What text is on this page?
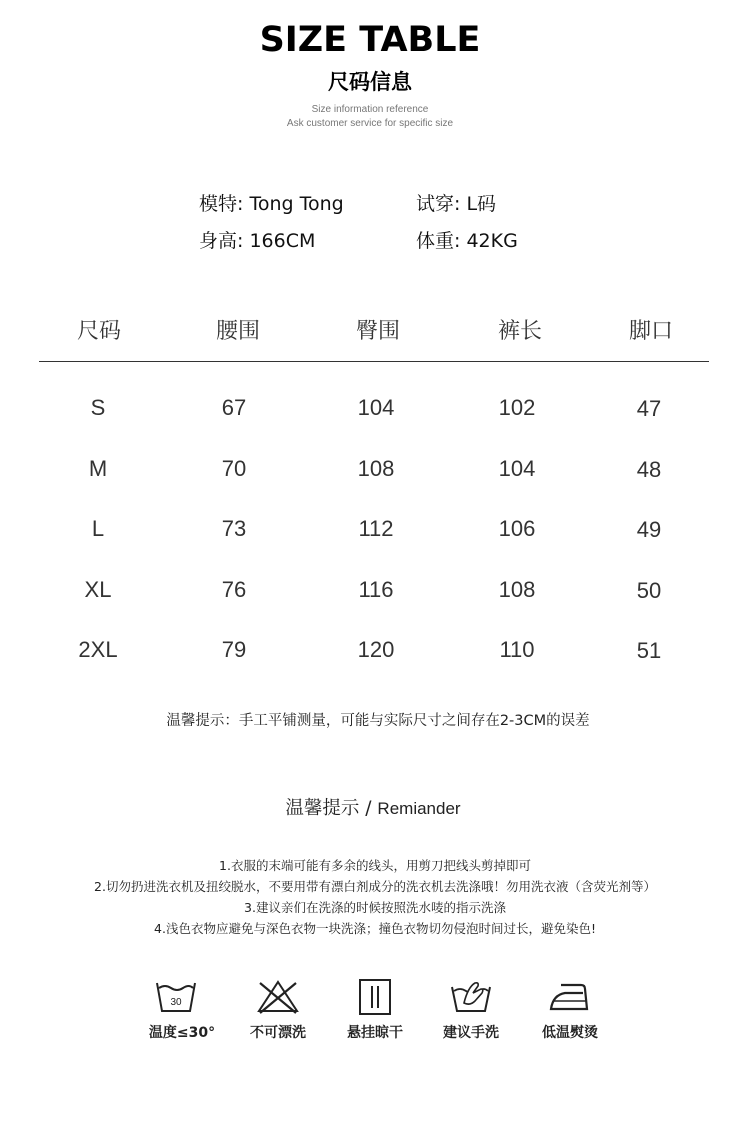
SIZE TABLE
尺码信息
Size information reference
Ask customer service for specific size
模特: Tong Tong	试穿: L码
身高: 166CM	体重: 42KG
尺码	腰围	臀围	裤长	脚口
S	67	104	102	47
M	70	108	104	48
L	73	112	106	49
XL	76	116	108	50
2XL	79	120	110	51
温馨提示：手工平铺测量，可能与实际尺寸之间存在2-3CM的误差
温馨提示 / Remiander
1.衣服的末端可能有多余的线头，用剪刀把线头剪掉即可
2.切勿扔进洗衣机及扭绞脱水，不要用带有漂白剂成分的洗衣机去洗涤哦！勿用洗衣液（含荧光剂等）
3.建议亲们在洗涤的时候按照洗水唛的指示洗涤
4.浅色衣物应避免与深色衣物一块洗涤；撞色衣物切勿侵泡时间过长，避免染色!
30
温度≤30°	不可漂洗	悬挂晾干	建议手洗	低温熨烫
